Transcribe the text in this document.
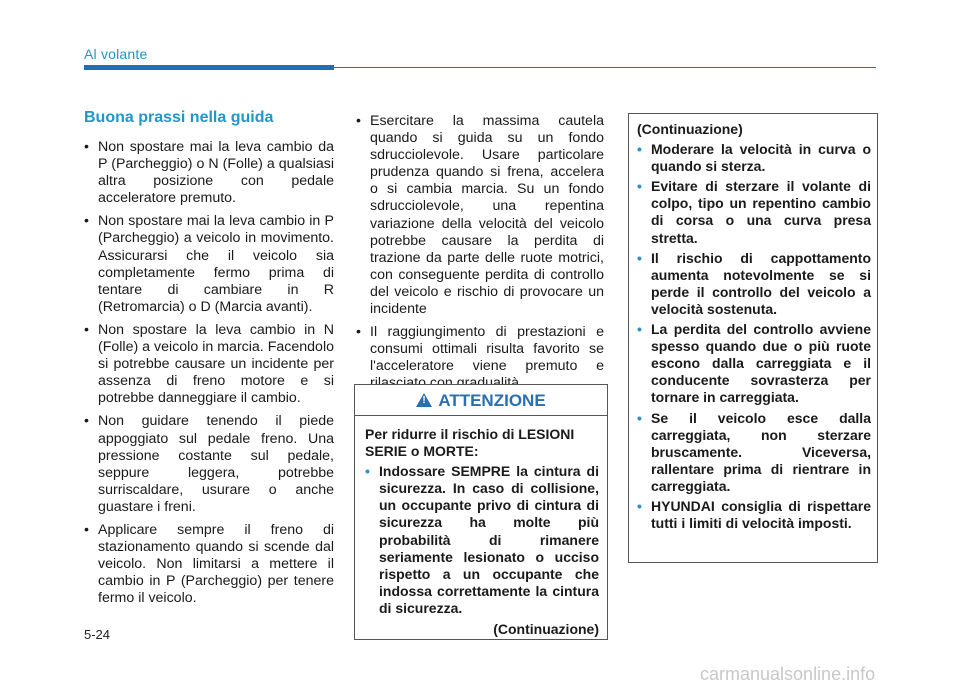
Al volante
Buona prassi nella guida

• Non spostare mai la leva cambio da P (Parcheggio) o N (Folle) a qualsiasi altra posizione con pedale acceleratore premuto.

• Non spostare mai la leva cambio in P (Parcheggio) a veicolo in movimento. Assicurarsi che il veicolo sia completamente fermo prima di tentare di cambiare in R (Retromarcia) o D (Marcia avanti).

• Non spostare la leva cambio in N (Folle) a veicolo in marcia. Facendolo si potrebbe causare un incidente per assenza di freno motore e si potrebbe danneggiare il cambio.

• Non guidare tenendo il piede appoggiato sul pedale freno. Una pressione costante sul pedale, seppure leggera, potrebbe surriscaldare, usurare o anche guastare i freni.

• Applicare sempre il freno di stazionamento quando si scende dal veicolo. Non limitarsi a mettere il cambio in P (Parcheggio) per tenere fermo il veicolo.

• Esercitare la massima cautela quando si guida su un fondo sdrucciolevole. Usare particolare prudenza quando si frena, accelera o si cambia marcia. Su un fondo sdrucciolevole, una repentina variazione della velocità del veicolo potrebbe causare la perdita di trazione da parte delle ruote motrici, con conseguente perdita di controllo del veicolo e rischio di provocare un incidente

• Il raggiungimento di prestazioni e consumi ottimali risulta favorito se l'acceleratore viene premuto e

!ATTENZIONE

Per ridurre il rischio di LESIONI SERIE o MORTE:

• Indossare SEMPRE la cintura di sicurezza. In caso di collisione, un occupante privo di cintura di sicurezza ha molte più probabilità di rimanere seriamente lesionato o ucciso rispetto a un occupante che indossa correttamente la cintura di sicurezza.

(Continuazione)

(Continuazione)

• Moderare la velocità in curva o quando si sterza.

• Evitare di sterzare il volante di colpo, tipo un repentino cambio di corsa o una curva presa stretta.

• Il rischio di cappottamento aumenta notevolmente se si perde il controllo del veicolo a velocità sostenuta.

• La perdita del controllo avviene spesso quando due o più ruote escono dalla carreggiata e il conducente sovrasterza per tornare in carreggiata.

• Se il veicolo esce dalla carreggiata, non sterzare bruscamente. Viceversa, rallentare prima di rientrare in carreggiata.

• HYUNDAI consiglia di rispettare tutti i limiti di velocità imposti.

5-24
carmanualsonline.info
